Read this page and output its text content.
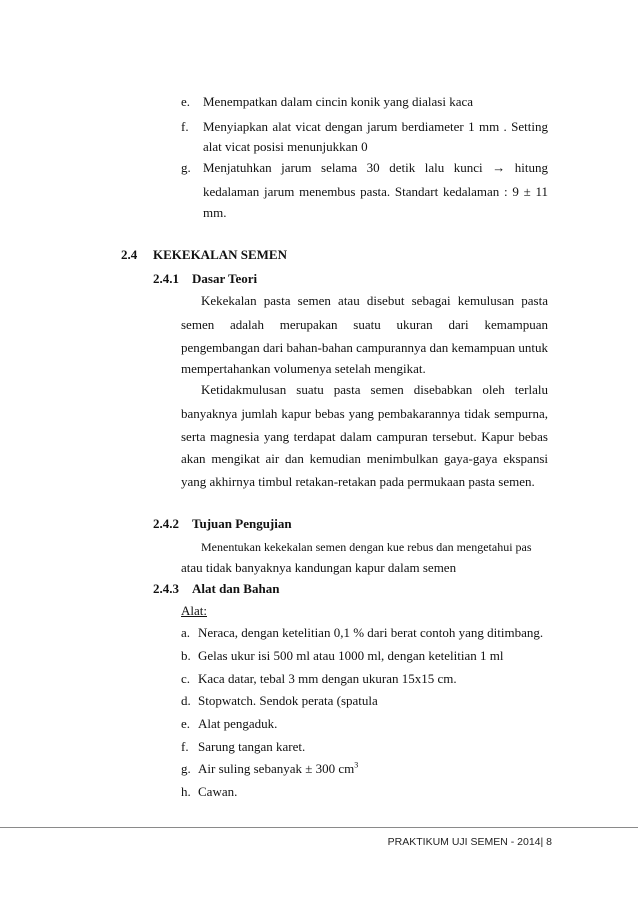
e. Menempatkan dalam cincin konik yang dialasi kaca
f. Menyiapkan alat vicat dengan jarum berdiameter 1 mm . Setting
alat vicat posisi menunjukkan 0
g. Menjatuhkan jarum selama 30 detik lalu kunci → hitung
kedalaman jarum menembus pasta. Standart kedalaman : 9 ± 11
mm.
2.4 KEKEKALAN SEMEN
2.4.1 Dasar Teori
Kekekalan pasta semen atau disebut sebagai kemulusan pasta
semen adalah merupakan suatu ukuran dari kemampuan
pengembangan dari bahan-bahan campurannya dan kemampuan untuk
mempertahankan volumenya setelah mengikat.
Ketidakmulusan suatu pasta semen disebabkan oleh terlalu
banyaknya jumlah kapur bebas yang pembakarannya tidak sempurna,
serta magnesia yang terdapat dalam campuran tersebut. Kapur bebas
akan mengikat air dan kemudian menimbulkan gaya-gaya ekspansi
yang akhirnya timbul retakan-retakan pada permukaan pasta semen.
2.4.2 Tujuan Pengujian
Menentukan kekekalan semen dengan kue rebus dan mengetahui pas
atau tidak banyaknya kandungan kapur dalam semen
2.4.3 Alat dan Bahan
Alat:
a. Neraca, dengan ketelitian 0,1 % dari berat contoh yang ditimbang.
b. Gelas ukur isi 500 ml atau 1000 ml, dengan ketelitian 1 ml
c. Kaca datar, tebal 3 mm dengan ukuran 15x15 cm.
d. Stopwatch. Sendok perata (spatula
e. Alat pengaduk.
f. Sarung tangan karet.
g. Air suling sebanyak ± 300 $cm^3$
h. Cawan.
PRAKTIKUM UJI SEMEN - 2014| 8
